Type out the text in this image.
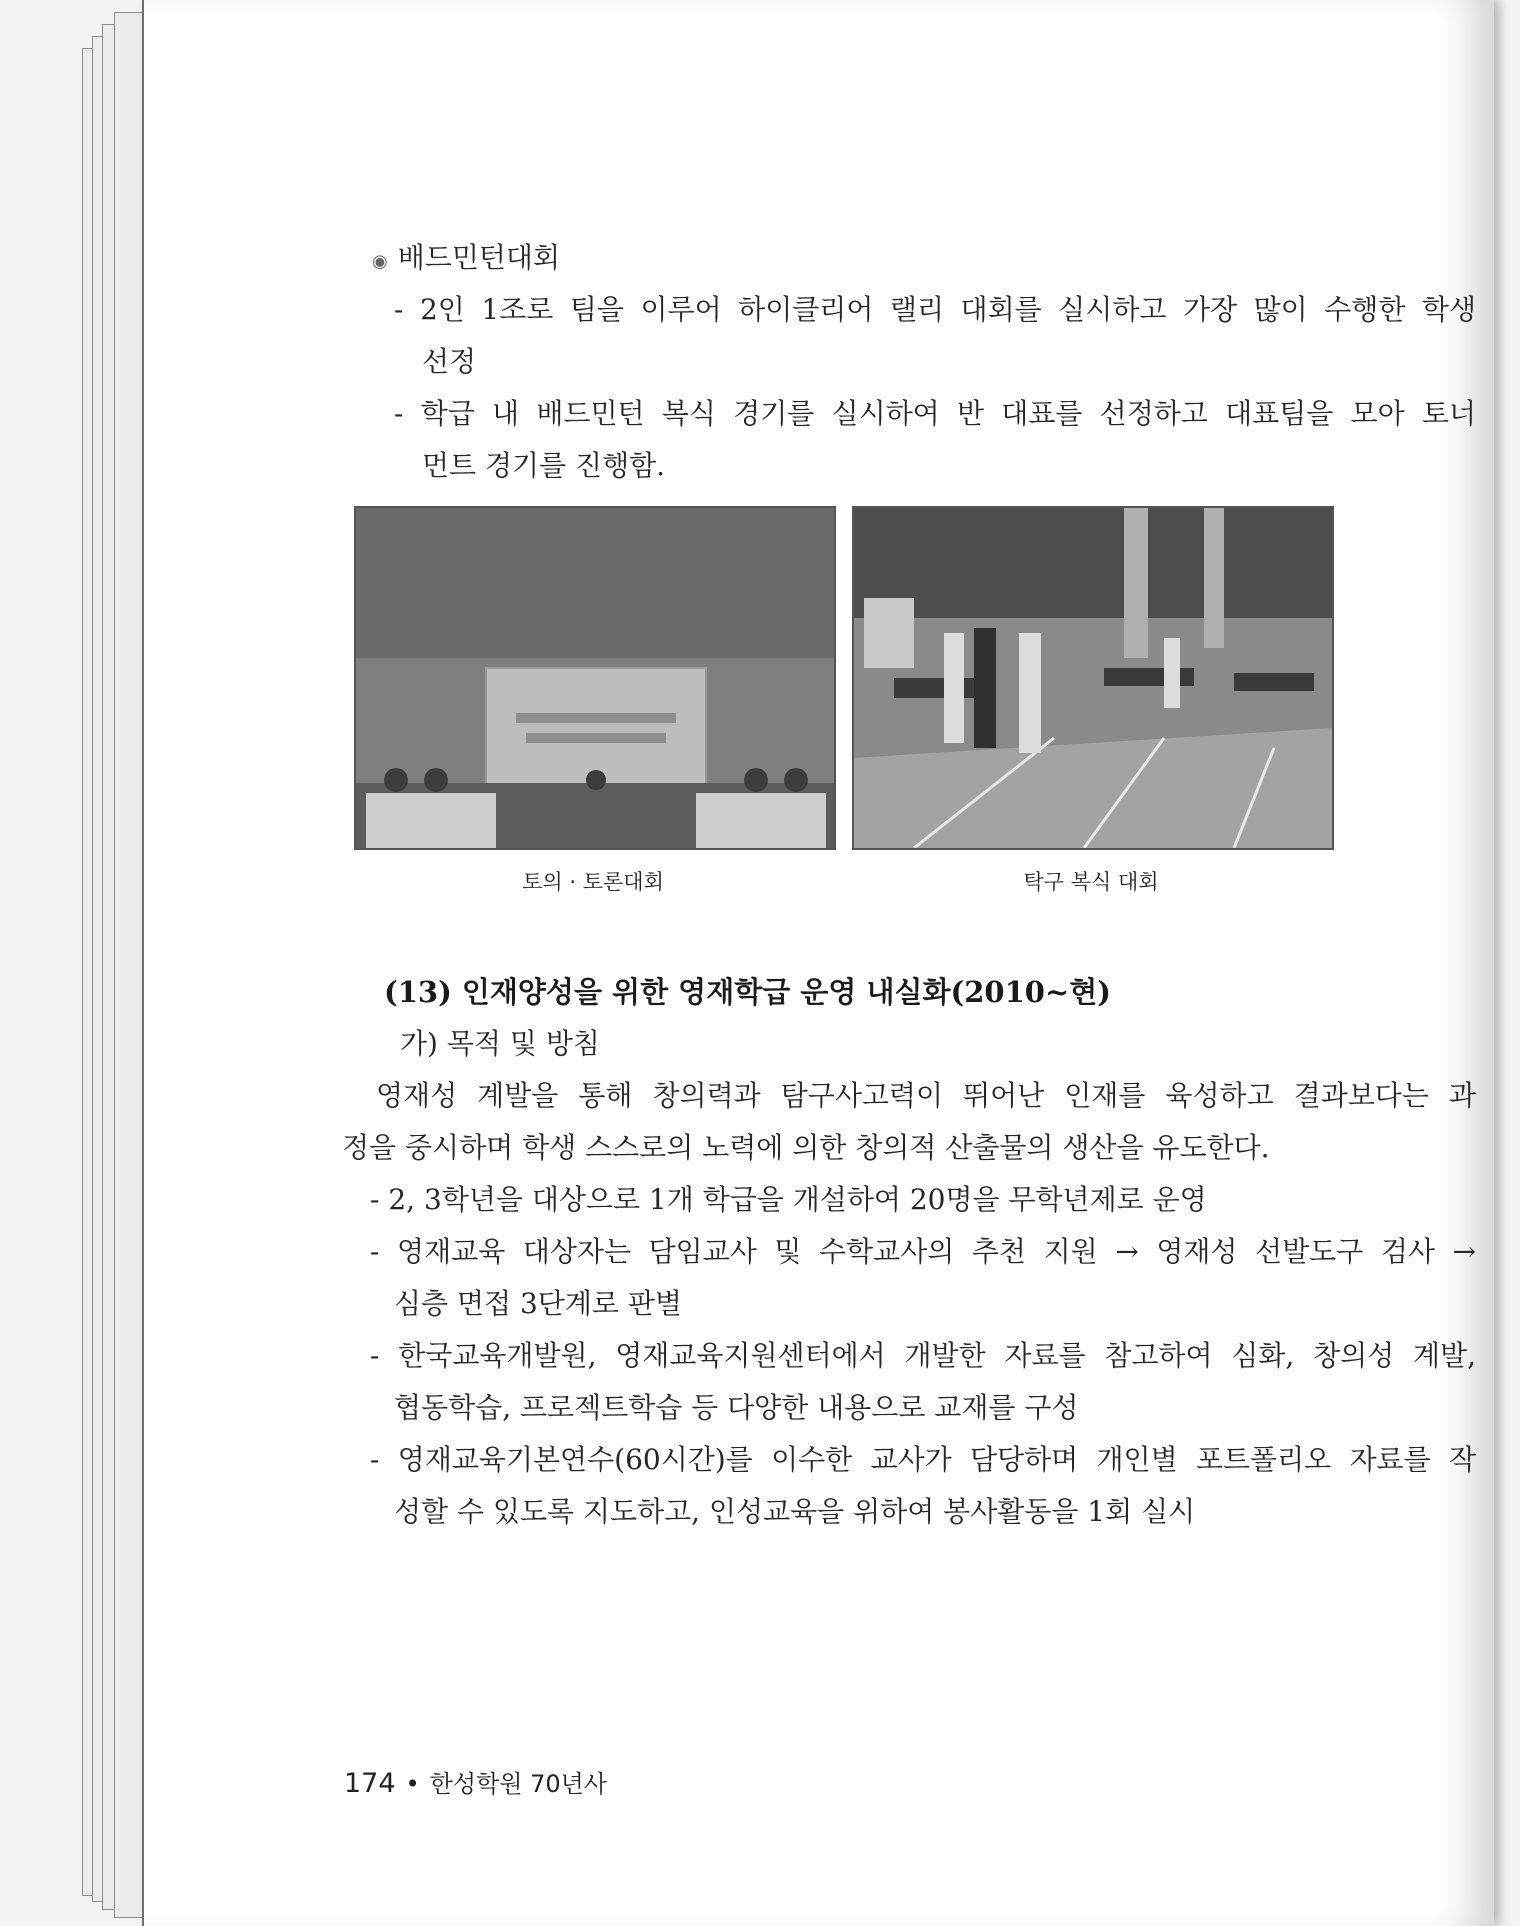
◉ 배드민턴대회
- 2인 1조로 팀을 이루어 하이클리어 랠리 대회를 실시하고 가장 많이 수행한 학생
선정
- 학급 내 배드민턴 복식 경기를 실시하여 반 대표를 선정하고 대표팀을 모아 토너
먼트 경기를 진행함.
토의 · 토론대회	탁구 복식 대회
(13) 인재양성을 위한 영재학급 운영 내실화(2010~현)
가) 목적 및 방침
영재성 계발을 통해 창의력과 탐구사고력이 뛰어난 인재를 육성하고 결과보다는 과
정을 중시하며 학생 스스로의 노력에 의한 창의적 산출물의 생산을 유도한다.
- 2, 3학년을 대상으로 1개 학급을 개설하여 20명을 무학년제로 운영
- 영재교육 대상자는 담임교사 및 수학교사의 추천 지원 → 영재성 선발도구 검사 →
심층 면접 3단계로 판별
- 한국교육개발원, 영재교육지원센터에서 개발한 자료를 참고하여 심화, 창의성 계발,
협동학습, 프로젝트학습 등 다양한 내용으로 교재를 구성
- 영재교육기본연수(60시간)를 이수한 교사가 담당하며 개인별 포트폴리오 자료를 작
성할 수 있도록 지도하고, 인성교육을 위하여 봉사활동을 1회 실시
174 • 한성학원 70년사
